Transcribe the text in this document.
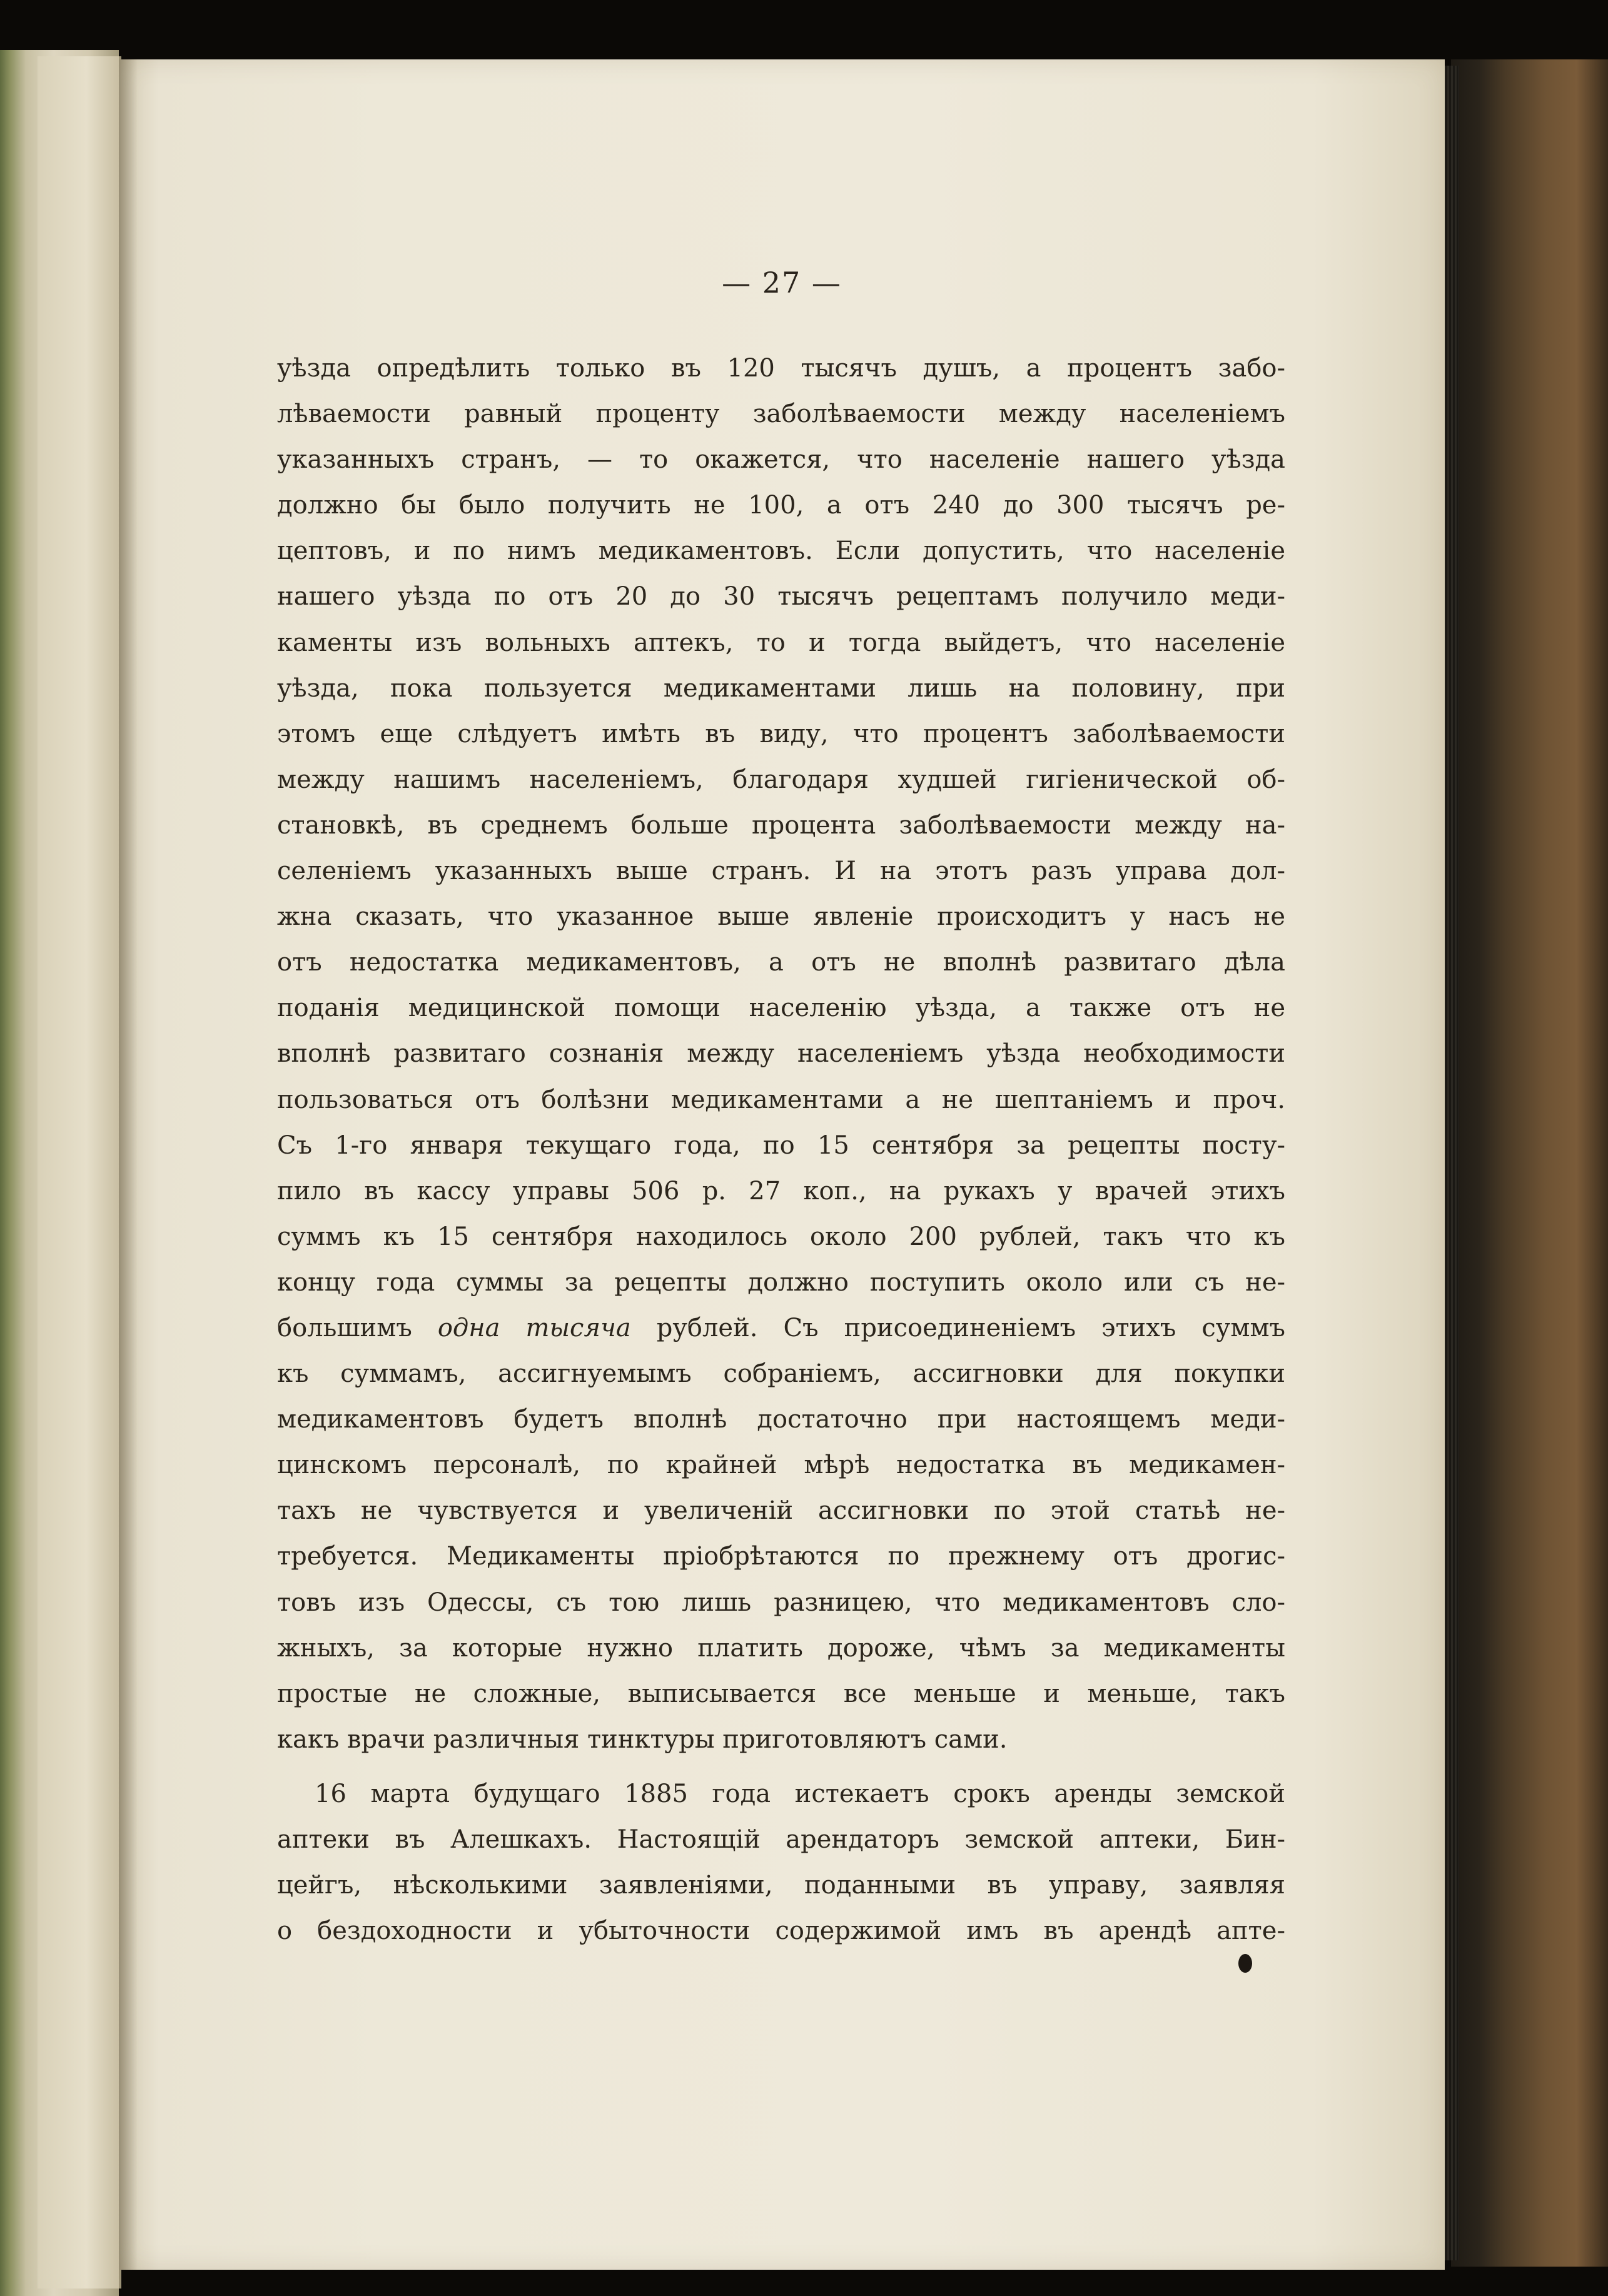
— 27 —
уѣзда опредѣлить только въ 120 тысячъ душъ, а процентъ забо-
лѣваемости равный проценту заболѣваемости между населеніемъ
указанныхъ странъ, — то окажется, что населеніе нашего уѣзда
должно бы было получить не 100, а отъ 240 до 300 тысячъ ре-
цептовъ, и по нимъ медикаментовъ. Если допустить, что населеніе
нашего уѣзда по отъ 20 до 30 тысячъ рецептамъ получило меди-
каменты изъ вольныхъ аптекъ, то и тогда выйдетъ, что населеніе
уѣзда, пока пользуется медикаментами лишь на половину, при
этомъ еще слѣдуетъ имѣть въ виду, что процентъ заболѣваемости
между нашимъ населеніемъ, благодаря худшей гигіенической об-
становкѣ, въ среднемъ больше процента заболѣваемости между на-
селеніемъ указанныхъ выше странъ. И на этотъ разъ управа дол-
жна сказать, что указанное выше явленіе происходитъ у насъ не
отъ недостатка медикаментовъ, а отъ не вполнѣ развитаго дѣла
поданія медицинской помощи населенію уѣзда, а также отъ не
вполнѣ развитаго сознанія между населеніемъ уѣзда необходимости
пользоваться отъ болѣзни медикаментами а не шептаніемъ и проч.
Съ 1-го января текущаго года, по 15 сентября за рецепты посту-
пило въ кассу управы 506 р. 27 коп., на рукахъ у врачей этихъ
суммъ къ 15 сентября находилось около 200 рублей, такъ что къ
концу года суммы за рецепты должно поступить около или съ не-
большимъ одна тысяча рублей. Съ присоединеніемъ этихъ суммъ
къ суммамъ, ассигнуемымъ собраніемъ, ассигновки для покупки
медикаментовъ будетъ вполнѣ достаточно при настоящемъ меди-
цинскомъ персоналѣ, по крайней мѣрѣ недостатка въ медикамен-
тахъ не чувствуется и увеличеній ассигновки по этой статьѣ не-
требуется. Медикаменты пріобрѣтаются по прежнему отъ дрогис-
товъ изъ Одессы, съ тою лишь разницею, что медикаментовъ сло-
жныхъ, за которые нужно платить дороже, чѣмъ за медикаменты
простые не сложные, выписывается все меньше и меньше, такъ
какъ врачи различныя тинктуры приготовляютъ сами.
16 марта будущаго 1885 года истекаетъ срокъ аренды земской
аптеки въ Алешкахъ. Настоящій арендаторъ земской аптеки, Бин-
цейгъ, нѣсколькими заявленіями, поданными въ управу, заявляя
о бездоходности и убыточности содержимой имъ въ арендѣ апте-
